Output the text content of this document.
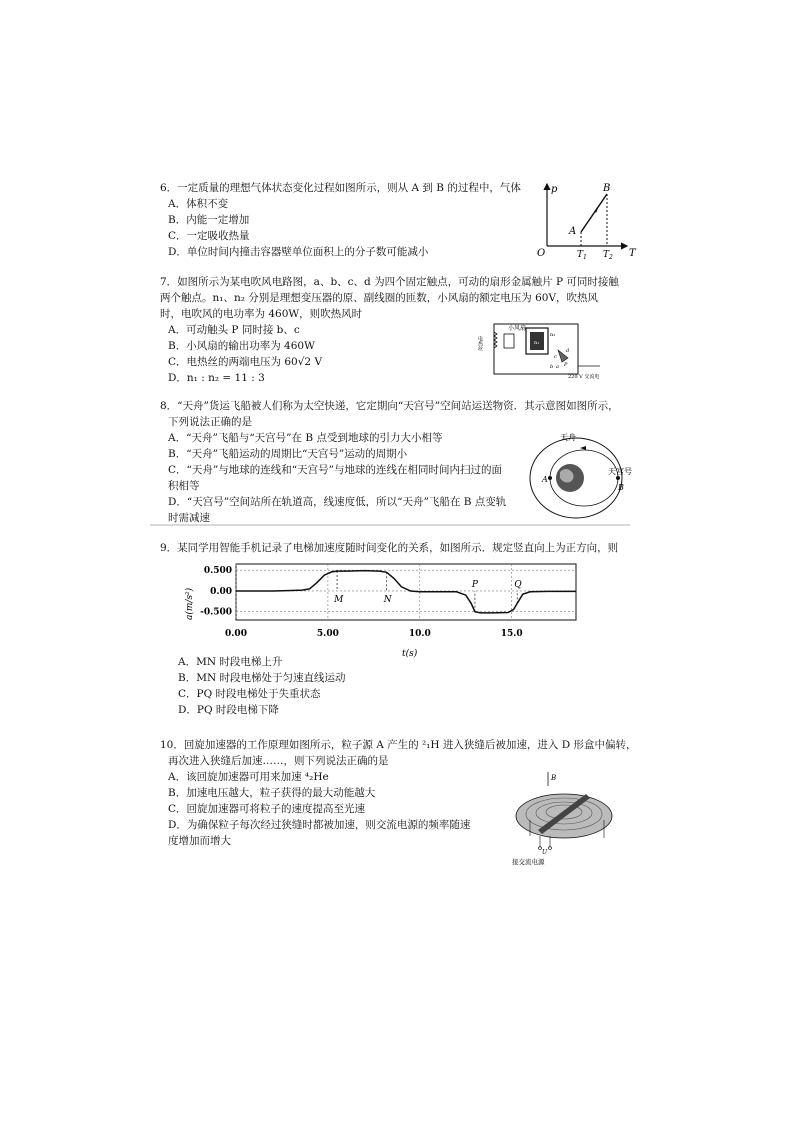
6．一定质量的理想气体状态变化过程如图所示，则从 A 到 B 的过程中，气体

A．体积不变

B．内能一定增加

C．一定吸收热量

D．单位时间内撞击容器壁单位面积上的分子数可能减小

p
T
A
B
O	$T_1$ $T_2$

7．如图所示为某电吹风电路图，a、b、c、d 为四个固定触点，可动的扇形金属触片 P 可同时接触

两个触点。n₁、n₂ 分别是理想变压器的原、副线圈的匝数，小风扇的额定电压为 60V，吹热风

时，电吹风的电功率为 460W，则吹热风时

A．可动触头 P 同时接 b、c

B．小风扇的输出功率为 460W

C．电热丝的两端电压为 60√2 V

D．n₁ : n₂ = 11 : 3

电热丝
小风扇
n₁
n₂
d
c
b a P
220 V 交流电

8．“天舟”货运飞船被人们称为太空快递，它定期向“天宫号”空间站运送物资．其示意图如图所示，

下列说法正确的是

A．“天舟”飞船与“天宫号”在 B 点受到地球的引力大小相等

B．“天舟”飞船运动的周期比“天宫号”运动的周期小

C．“天舟”与地球的连线和“天宫号”与地球的连线在相同时间内扫过的面

积相等

D．“天宫号”空间站所在轨道高，线速度低，所以“天舟”飞船在 B 点变轨

时需减速

A
B
天舟
天宫号

9．某同学用智能手机记录了电梯加速度随时间变化的关系，如图所示．规定竖直向上为正方向，则

0.00	5.00	10.0	15.0
0.500
0.00
-0.500
M	N
P	Q
a(m/s²)
t(s)

A．MN 时段电梯上升

B．MN 时段电梯处于匀速直线运动

C．PQ 时段电梯处于失重状态

D．PQ 时段电梯下降

10．回旋加速器的工作原理如图所示，粒子源 A 产生的 ²₁H 进入狭缝后被加速，进入 D 形盒中偏转，

再次进入狭缝后加速……，则下列说法正确的是

A．该回旋加速器可用来加速 ⁴₂He

B．加速电压越大，粒子获得的最大动能越大

C．回旋加速器可将粒子的速度提高至光速

D．为确保粒子每次经过狭缝时都被加速，则交流电源的频率随速

度增加而增大

B
U
接交流电源
